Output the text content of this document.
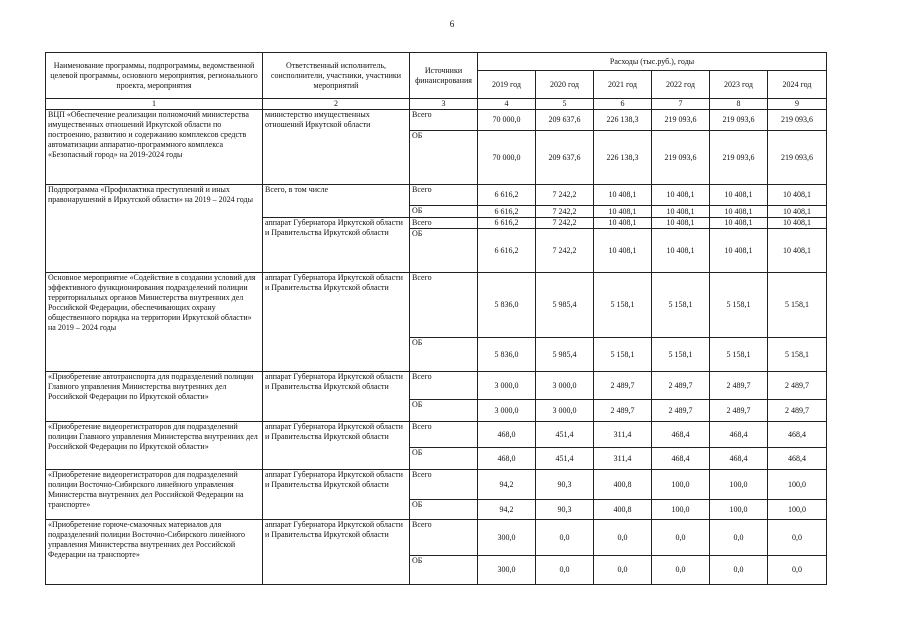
6
Наименование программы, подпрограммы, ведомственной целевой программы, основного мероприятия, регионального проекта, мероприятия	Ответственный исполнитель, соисполнители, участники, участники мероприятий	Источники финансирования	Расходы (тыс.руб.), годы					
			2019 год	2020 год	2021 год	2022 год	2023 год	2024 год
1	2	3	4	5	6	7	8	9
ВЦП «Обеспечение реализации полномочий министерства имущественных отношений Иркутской области по построению, развитию и содержанию комплексов средств автоматизации аппаратно-программного комплекса «Безопасный город» на 2019-2024 годы	министерство имущественных отношений Иркутской области	Всего	70 000,0	209 637,6	226 138,3	219 093,6	219 093,6	219 093,6
		ОБ	70 000,0	209 637,6	226 138,3	219 093,6	219 093,6	219 093,6
Подпрограмма «Профилактика преступлений и иных правонарушений в Иркутской области» на 2019 – 2024 годы	Всего, в том числе	Всего	6 616,2	7 242,2	10 408,1	10 408,1	10 408,1	10 408,1
		ОБ	6 616,2	7 242,2	10 408,1	10 408,1	10 408,1	10 408,1
	аппарат Губернатора Иркутской области и Правительства Иркутской области	Всего	6 616,2	7 242,2	10 408,1	10 408,1	10 408,1	10 408,1
		ОБ	6 616,2	7 242,2	10 408,1	10 408,1	10 408,1	10 408,1
Основное мероприятие «Содействие в создании условий для эффективного функционирования подразделений полиции территориальных органов Министерства внутренних дел Российской Федерации, обеспечивающих охрану общественного порядка на территории Иркутской области» на 2019 – 2024 годы	аппарат Губернатора Иркутской области и Правительства Иркутской области	Всего	5 836,0	5 985,4	5 158,1	5 158,1	5 158,1	5 158,1
		ОБ	5 836,0	5 985,4	5 158,1	5 158,1	5 158,1	5 158,1
«Приобретение автотранспорта для подразделений полиции Главного управления Министерства внутренних дел Российской Федерации по Иркутской области»	аппарат Губернатора Иркутской области и Правительства Иркутской области	Всего	3 000,0	3 000,0	2 489,7	2 489,7	2 489,7	2 489,7
		ОБ	3 000,0	3 000,0	2 489,7	2 489,7	2 489,7	2 489,7
«Приобретение видеорегистраторов для подразделений полиции Главного управления Министерства внутренних дел Российской Федерации по Иркутской области»	аппарат Губернатора Иркутской области и Правительства Иркутской области	Всего	468,0	451,4	311,4	468,4	468,4	468,4
		ОБ	468,0	451,4	311,4	468,4	468,4	468,4
«Приобретение видеорегистраторов для подразделений полиции Восточно-Сибирского линейного управления Министерства внутренних дел Российской Федерации на транспорте»	аппарат Губернатора Иркутской области и Правительства Иркутской области	Всего	94,2	90,3	400,8	100,0	100,0	100,0
		ОБ	94,2	90,3	400,8	100,0	100,0	100,0
«Приобретение горюче-смазочных материалов для подразделений полиции Восточно-Сибирского линейного управления Министерства внутренних дел Российской Федерации на транспорте»	аппарат Губернатора Иркутской области и Правительства Иркутской области	Всего	300,0	0,0	0,0	0,0	0,0	0,0
		ОБ	300,0	0,0	0,0	0,0	0,0	0,0
